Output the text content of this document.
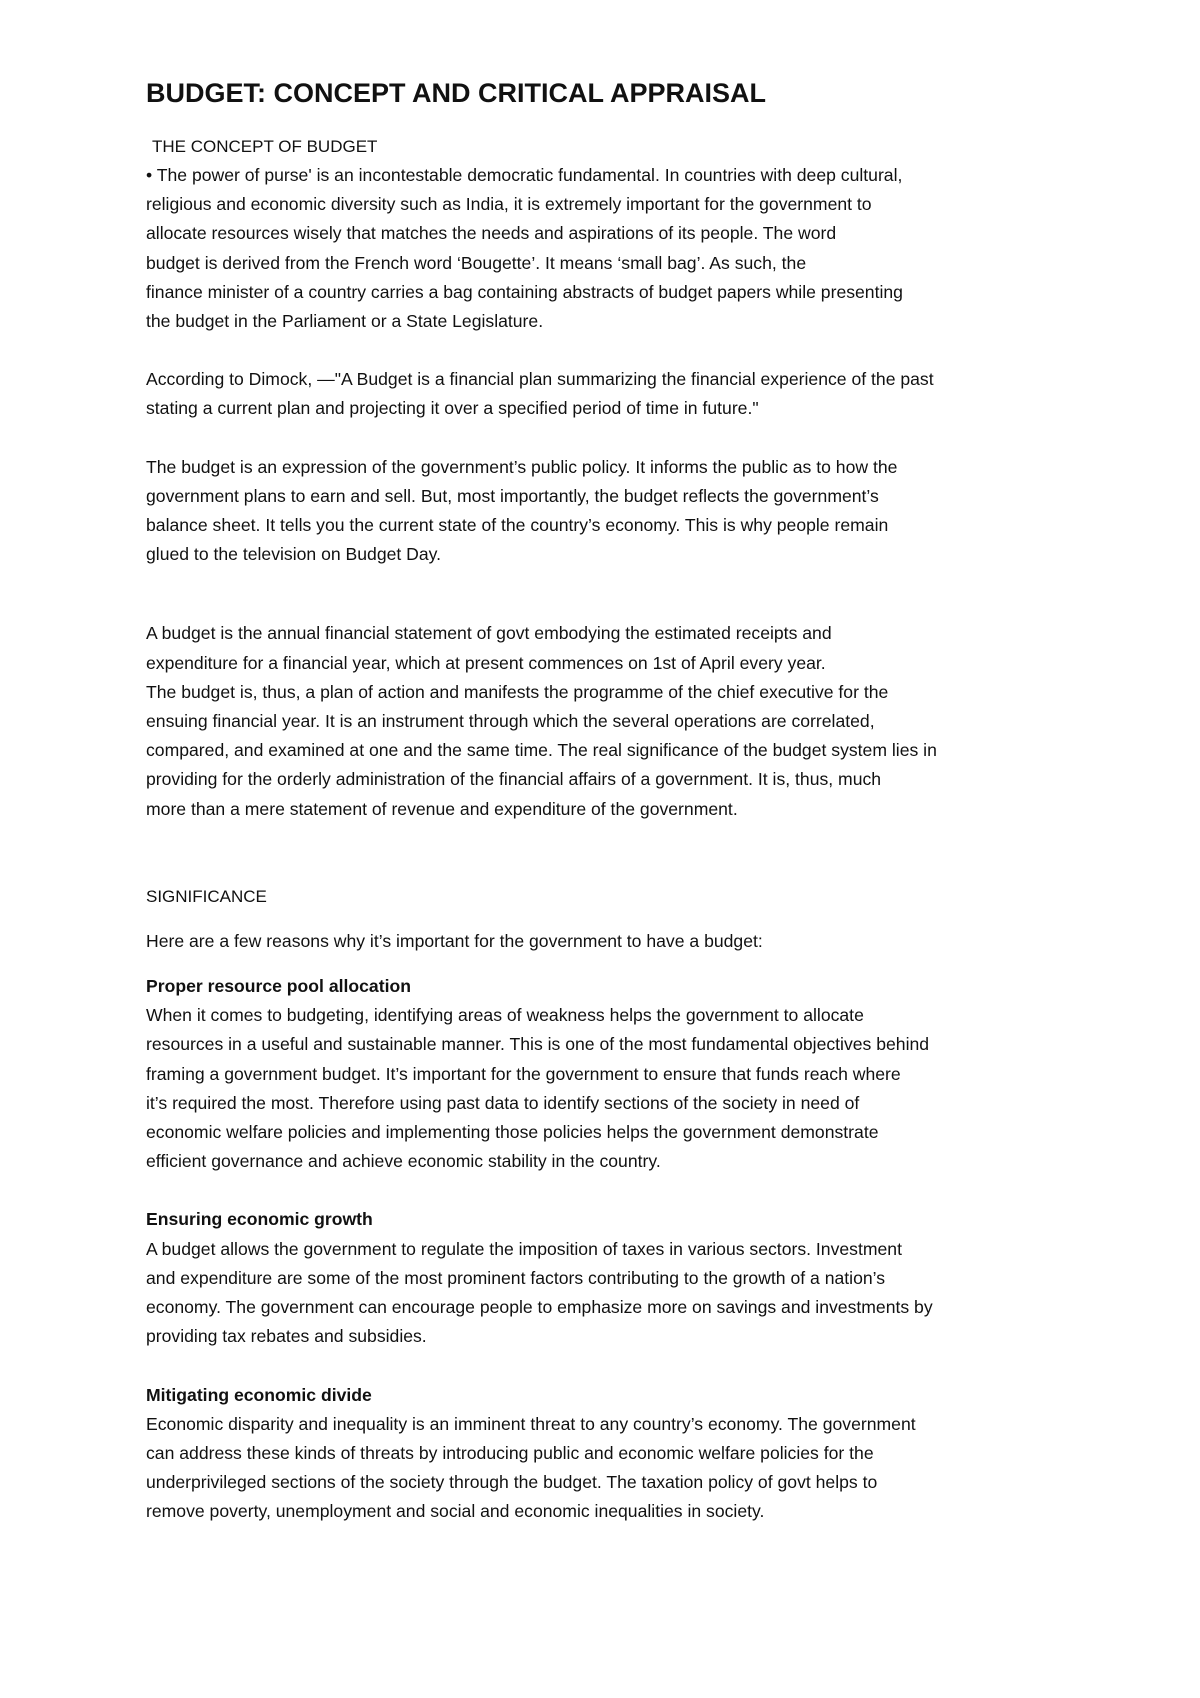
BUDGET: CONCEPT AND CRITICAL APPRAISAL

THE CONCEPT OF BUDGET

• The power of purse' is an incontestable democratic fundamental. In countries with deep cultural,

religious and economic diversity such as India, it is extremely important for the government to

allocate resources wisely that matches the needs and aspirations of its people. The word

budget is derived from the French word ‘Bougette’. It means ‘small bag’. As such, the

finance minister of a country carries a bag containing abstracts of budget papers while presenting

the budget in the Parliament or a State Legislature.

According to Dimock, —"A Budget is a financial plan summarizing the financial experience of the past

stating a current plan and projecting it over a specified period of time in future."

The budget is an expression of the government’s public policy. It informs the public as to how the

government plans to earn and sell. But, most importantly, the budget reflects the government’s

balance sheet. It tells you the current state of the country’s economy. This is why people remain

glued to the television on Budget Day.

A budget is the annual financial statement of govt embodying the estimated receipts and

expenditure for a financial year, which at present commences on 1st of April every year.

The budget is, thus, a plan of action and manifests the programme of the chief executive for the

ensuing financial year. It is an instrument through which the several operations are correlated,

compared, and examined at one and the same time. The real significance of the budget system lies in

providing for the orderly administration of the financial affairs of a government. It is, thus, much

more than a mere statement of revenue and expenditure of the government.

SIGNIFICANCE

Here are a few reasons why it’s important for the government to have a budget:

Proper resource pool allocation

When it comes to budgeting, identifying areas of weakness helps the government to allocate

resources in a useful and sustainable manner. This is one of the most fundamental objectives behind

framing a government budget. It’s important for the government to ensure that funds reach where

it’s required the most. Therefore using past data to identify sections of the society in need of

economic welfare policies and implementing those policies helps the government demonstrate

efficient governance and achieve economic stability in the country.

Ensuring economic growth

A budget allows the government to regulate the imposition of taxes in various sectors. Investment

and expenditure are some of the most prominent factors contributing to the growth of a nation’s

economy. The government can encourage people to emphasize more on savings and investments by

providing tax rebates and subsidies.

Mitigating economic divide

Economic disparity and inequality is an imminent threat to any country’s economy. The government

can address these kinds of threats by introducing public and economic welfare policies for the

underprivileged sections of the society through the budget. The taxation policy of govt helps to

remove poverty, unemployment and social and economic inequalities in society.
